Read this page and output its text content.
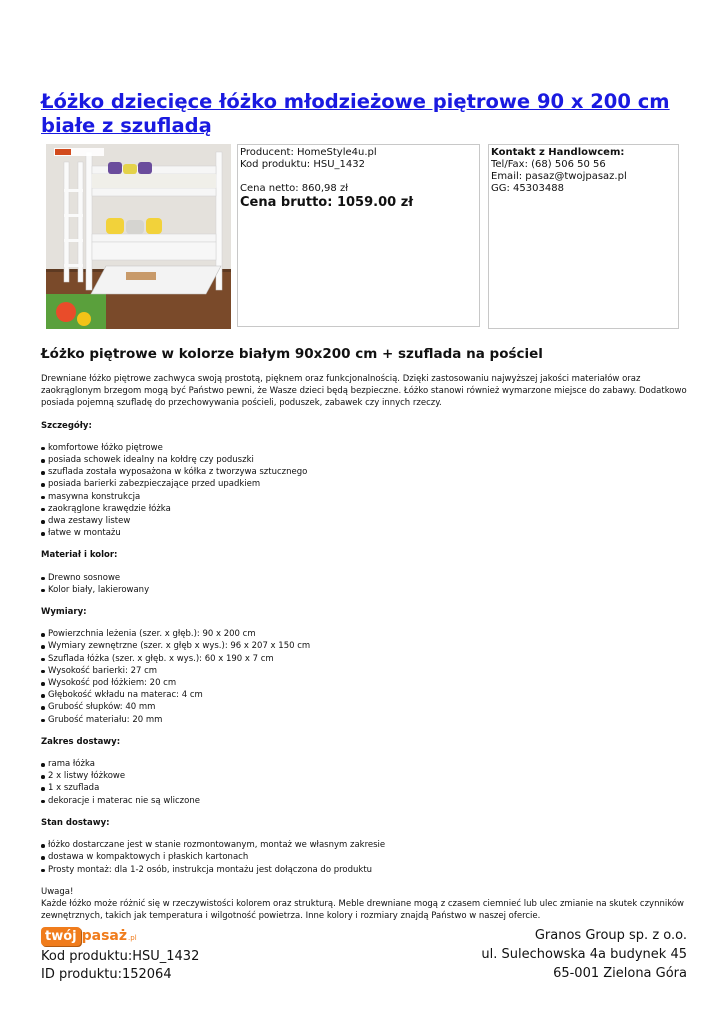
Łóżko dziecięce łóżko młodzieżowe piętrowe 90 x 200 cm białe z szufladą
Producent: HomeStyle4u.pl
Kod produktu: HSU_1432
Cena netto: 860,98 zł
Cena brutto: 1059.00 zł
Kontakt z Handlowcem:
Tel/Fax: (68) 506 50 56
Email: pasaz@twojpasaz.pl
GG: 45303488
Łóżko piętrowe w kolorze białym 90x200 cm + szuflada na pościel

Drewniane łóżko piętrowe zachwyca swoją prostotą, pięknem oraz funkcjonalnością. Dzięki zastosowaniu najwyższej jakości materiałów oraz zaokrąglonym brzegom mogą być Państwo pewni, że Wasze dzieci będą bezpieczne. Łóżko stanowi również wymarzone miejsce do zabawy. Dodatkowo posiada pojemną szufladę do przechowywania pościeli, poduszek, zabawek czy innych rzeczy.

Szczegóły:
komfortowe łóżko piętrowe
posiada schowek idealny na kołdrę czy poduszki
szuflada została wyposażona w kółka z tworzywa sztucznego
posiada barierki zabezpieczające przed upadkiem
masywna konstrukcja
zaokrąglone krawędzie łóżka
dwa zestawy listew
łatwe w montażu
Materiał i kolor:
Drewno sosnowe
Kolor biały, lakierowany
Wymiary:
Powierzchnia leżenia (szer. x głęb.): 90 x 200 cm
Wymiary zewnętrzne (szer. x głęb x wys.): 96 x 207 x 150 cm
Szuflada łóżka (szer. x głęb. x wys.): 60 x 190 x 7 cm
Wysokość barierki: 27 cm
Wysokość pod łóżkiem: 20 cm
Głębokość wkładu na materac: 4 cm
Grubość słupków: 40 mm
Grubość materiału: 20 mm
Zakres dostawy:
rama łóżka
2 x listwy łóżkowe
1 x szuflada
dekoracje i materac nie są wliczone
Stan dostawy:
łóżko dostarczane jest w stanie rozmontowanym, montaż we własnym zakresie
dostawa w kompaktowych i płaskich kartonach
Prosty montaż: dla 1-2 osób, instrukcja montażu jest dołączona do produktu
Uwaga!

Każde łóżko może różnić się w rzeczywistości kolorem oraz strukturą. Meble drewniane mogą z czasem ciemnieć lub ulec zmianie na skutek czynników zewnętrznych, takich jak temperatura i wilgotność powietrza. Inne kolory i rozmiary znajdą Państwo w naszej ofercie.

twój pasaż .pl
Kod produktu:HSU_1432
ID produktu:152064
Granos Group sp. z o.o.
ul. Sulechowska 4a budynek 45
65-001 Zielona Góra
